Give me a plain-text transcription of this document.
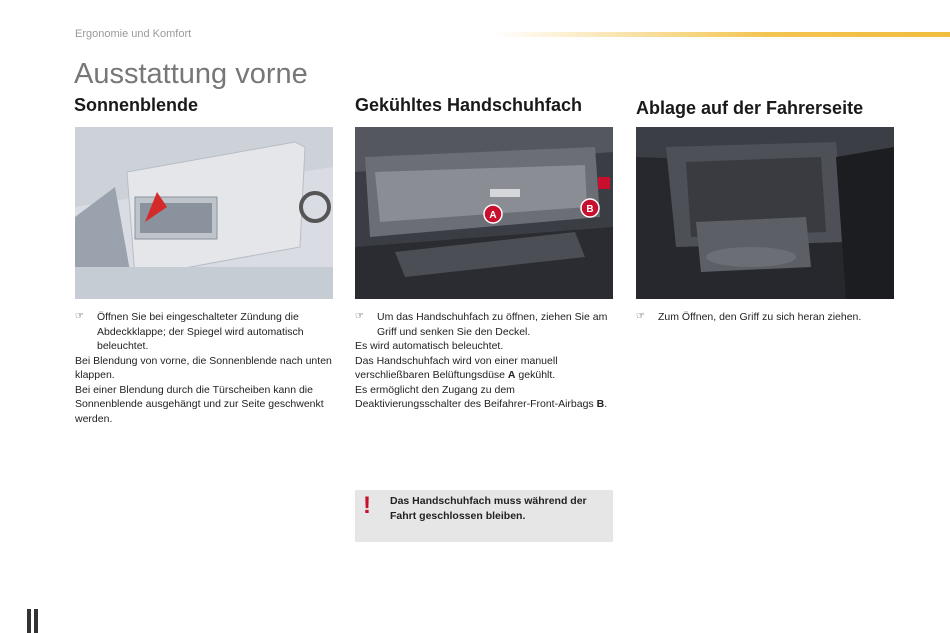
Ergonomie und Komfort
Ausstattung vorne
Sonnenblende

☞ Öffnen Sie bei eingeschalteter Zündung die Abdeckklappe; der Spiegel wird automatisch beleuchtet.

Bei Blendung von vorne, die Sonnenblende nach unten klappen.

Bei einer Blendung durch die Türscheiben kann die Sonnenblende ausgehängt und zur Seite geschwenkt werden.

Gekühltes Handschuhfach
A
B

☞ Um das Handschuhfach zu öffnen, ziehen Sie am Griff und senken Sie den Deckel.

Es wird automatisch beleuchtet.

Das Handschuhfach wird von einer manuell verschließbaren Belüftungsdüse A gekühlt.

Es ermöglicht den Zugang zu dem Deaktivierungsschalter des Beifahrer-Front-Airbags B.

! Das Handschuhfach muss während der Fahrt geschlossen bleiben.
Ablage auf der Fahrerseite

☞ Zum Öffnen, den Griff zu sich heran ziehen.
